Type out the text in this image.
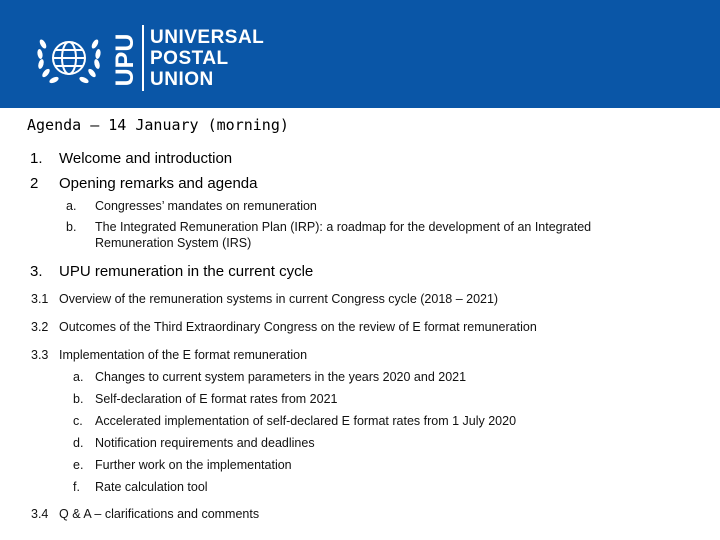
UPU UNIVERSAL
POSTAL
UNION
Agenda – 14 January (morning)
1. Welcome and introduction
2 Opening remarks and agenda
a. Congresses’ mandates on remuneration
b. The Integrated Remuneration Plan (IRP): a roadmap for the development of an Integrated
Remuneration System (IRS)
3. UPU remuneration in the current cycle
3.1 Overview of the remuneration systems in current Congress cycle (2018 – 2021)
3.2 Outcomes of the Third Extraordinary Congress on the review of E format remuneration
3.3 Implementation of the E format remuneration
a. Changes to current system parameters in the years 2020 and 2021
b. Self-declaration of E format rates from 2021
c. Accelerated implementation of self-declared E format rates from 1 July 2020
d. Notification requirements and deadlines
e. Further work on the implementation
f. Rate calculation tool
3.4 Q & A – clarifications and comments
